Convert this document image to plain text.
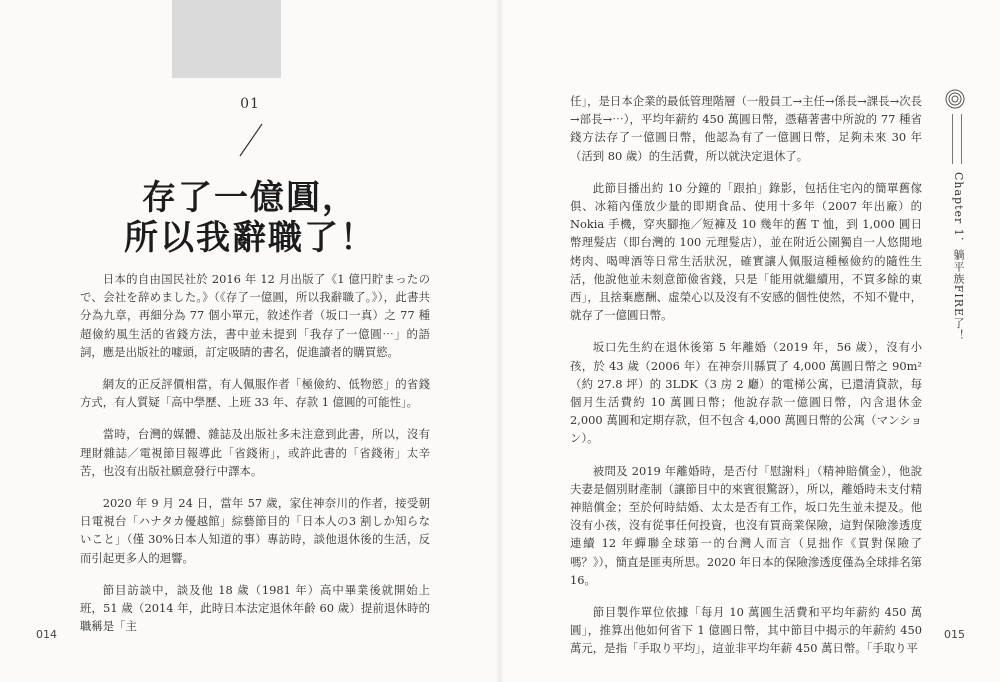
01
存了一億圓，
所以我辭職了！

日本的自由国民社於 2016 年 12 月出版了《1 億円貯まったので、会社を辞めました。》（《存了一億圓，所以我辭職了。》），此書共分為九章，再細分為 77 個小單元，敘述作者（坂口一真）之 77 種超儉約風生活的省錢方法，書中並未提到「我存了一億圓⋯」的語詞，應是出版社的噱頭，訂定吸睛的書名，促進讀者的購買慾。

網友的正反評價相當，有人佩服作者「極儉約、低物慾」的省錢方式，有人質疑「高中學歷、上班 33 年、存款 1 億圓的可能性」。

當時，台灣的媒體、雜誌及出版社多未注意到此書，所以，沒有理財雜誌／電視節目報導此「省錢術」，或許此書的「省錢術」太辛苦，也沒有出版社願意發行中譯本。

2020 年 9 月 24 日，當年 57 歲，家住神奈川的作者，接受朝日電視台「ハナタカ優越館」綜藝節目的「日本人の3 割しか知らないこと」（僅 30%日本人知道的事）專訪時，談他退休後的生活，反而引起更多人的迴響。

節目訪談中，談及他 18 歲（1981 年）高中畢業後就開始上班，51 歲（2014 年，此時日本法定退休年齡 60 歲）提前退休時的職稱是「主

014

任」，是日本企業的最低管理階層（一般員工→主任→係長→課長→次長→部長→⋯），平均年薪約 450 萬圓日幣，憑藉著書中所說的 77 種省錢方法存了一億圓日幣，他認為有了一億圓日幣，足夠未來 30 年（活到 80 歲）的生活費，所以就決定退休了。

此節目播出約 10 分鐘的「跟拍」錄影，包括住宅內的簡單舊傢俱、冰箱內僅放少量的即期食品、使用十多年（2007 年出廠）的 Nokia 手機，穿夾腳拖／短褲及 10 幾年的舊 T 恤，到 1,000 圓日幣理髮店（即台灣的 100 元理髮店），並在附近公園獨自一人悠閒地烤肉、喝啤酒等日常生活狀況，確實讓人佩服這種極儉約的隨性生活，他說他並未刻意節儉省錢，只是「能用就繼續用，不買多餘的東西」，且捨棄應酬、虛榮心以及沒有不安感的個性使然，不知不覺中，就存了一億圓日幣。

坂口先生約在退休後第 5 年離婚（2019 年，56 歲），沒有小孩，於 43 歲（2006 年）在神奈川縣買了 4,000 萬圓日幣之 90m²（約 27.8 坪）的 3LDK（3 房 2 廳）的電梯公寓，已還清貸款，每個月生活費約 10 萬圓日幣；他說存款一億圓日幣，內含退休金 2,000 萬圓和定期存款，但不包含 4,000 萬圓日幣的公寓（マンション）。

被問及 2019 年離婚時，是否付「慰謝料」（精神賠償金），他說夫妻是個別財產制（讓節目中的來賓很驚訝），所以，離婚時未支付精神賠償金；至於何時結婚、太太是否有工作，坂口先生並未提及。他沒有小孩，沒有從事任何投資，也沒有買商業保險，這對保險滲透度連續 12 年蟬聯全球第一的台灣人而言（見拙作《買對保險了嗎？》），簡直是匪夷所思。2020 年日本的保險滲透度僅為全球排名第 16。

節目製作單位依據「每月 10 萬圓生活費和平均年薪約 450 萬圓」，推算出他如何省下 1 億圓日幣，其中節目中揭示的年薪約 450 萬元，是指「手取り平均」，這並非平均年薪 450 萬日幣。「手取り平

Chapter 1．躺平族FIRE了！
015
